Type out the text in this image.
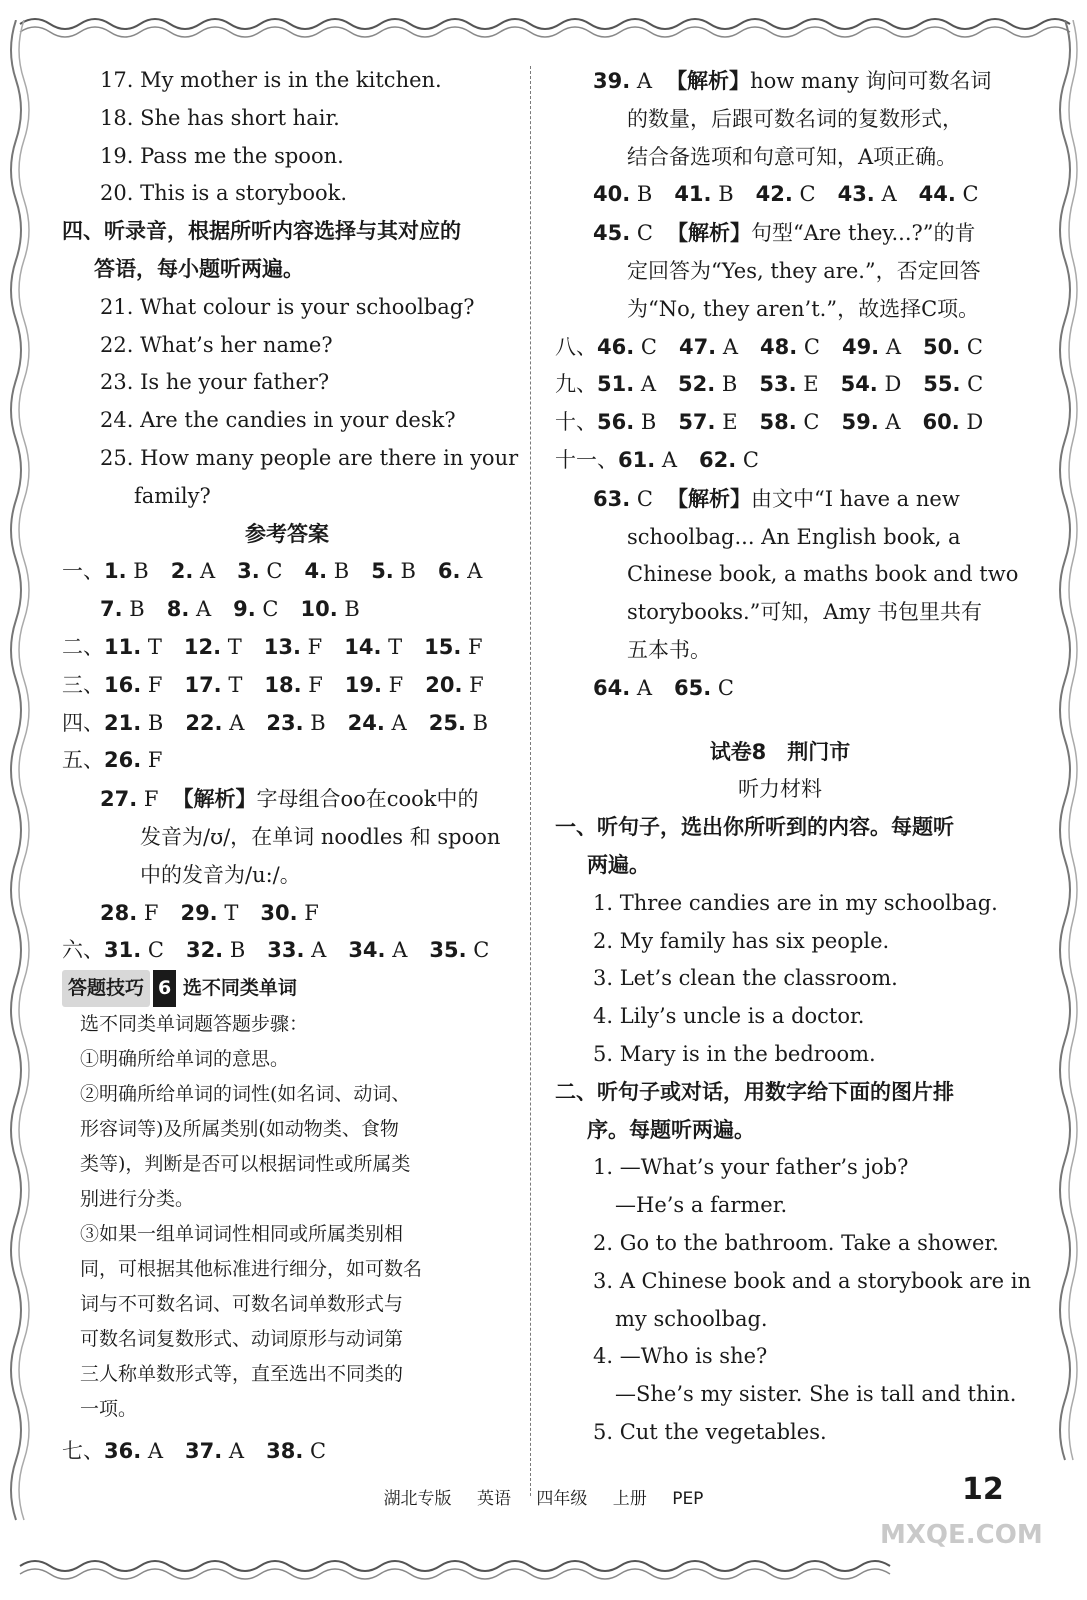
17. My mother is in the kitchen.
18. She has short hair.
19. Pass me the spoon.
20. This is a storybook.
四、听录音，根据所听内容选择与其对应的
答语，每小题听两遍。
21. What colour is your schoolbag?
22. What’s her name?
23. Is he your father?
24. Are the candies in your desk?
25. How many people are there in your
family?
参考答案
一、1. B 2. A 3. C 4. B 5. B 6. A
7. B 8. A 9. C 10. B
二、11. T 12. T 13. F 14. T 15. F
三、16. F 17. T 18. F 19. F 20. F
四、21. B 22. A 23. B 24. A 25. B
五、26. F
27. F 【解析】字母组合oo在cook中的
发音为/ʊ/，在单词 noodles 和 spoon
中的发音为/u:/。
28. F 29. T 30. F
六、31. C 32. B 33. A 34. A 35. C
答题技巧 6 选不同类单词
选不同类单词题答题步骤：
①明确所给单词的意思。
②明确所给单词的词性(如名词、动词、
形容词等)及所属类别(如动物类、食物
类等)，判断是否可以根据词性或所属类
别进行分类。
③如果一组单词词性相同或所属类别相
同，可根据其他标准进行细分，如可数名
词与不可数名词、可数名词单数形式与
可数名词复数形式、动词原形与动词第
三人称单数形式等，直至选出不同类的
一项。
七、36. A 37. A 38. C
39. A 【解析】how many 询问可数名词
的数量，后跟可数名词的复数形式，
结合备选项和句意可知，A项正确。
40. B 41. B 42. C 43. A 44. C
45. C 【解析】句型“Are they...?”的肯
定回答为“Yes, they are.”，否定回答
为“No, they aren’t.”，故选择C项。
八、46. C 47. A 48. C 49. A 50. C
九、51. A 52. B 53. E 54. D 55. C
十、56. B 57. E 58. C 59. A 60. D
十一、61. A 62. C
63. C 【解析】由文中“I have a new
schoolbag... An English book, a
Chinese book, a maths book and two
storybooks.”可知，Amy 书包里共有
五本书。
64. A 65. C
试卷8　荆门市
听力材料
一、听句子，选出你所听到的内容。每题听
两遍。
1. Three candies are in my schoolbag.
2. My family has six people.
3. Let’s clean the classroom.
4. Lily’s uncle is a doctor.
5. Mary is in the bedroom.
二、听句子或对话，用数字给下面的图片排
序。每题听两遍。
1. —What’s your father’s job?
—He’s a farmer.
2. Go to the bathroom. Take a shower.
3. A Chinese book and a storybook are in
my schoolbag.
4. —Who is she?
—She’s my sister. She is tall and thin.
5. Cut the vegetables.
湖北专版 英语 四年级 上册 PEP	12
MXQE.COM
